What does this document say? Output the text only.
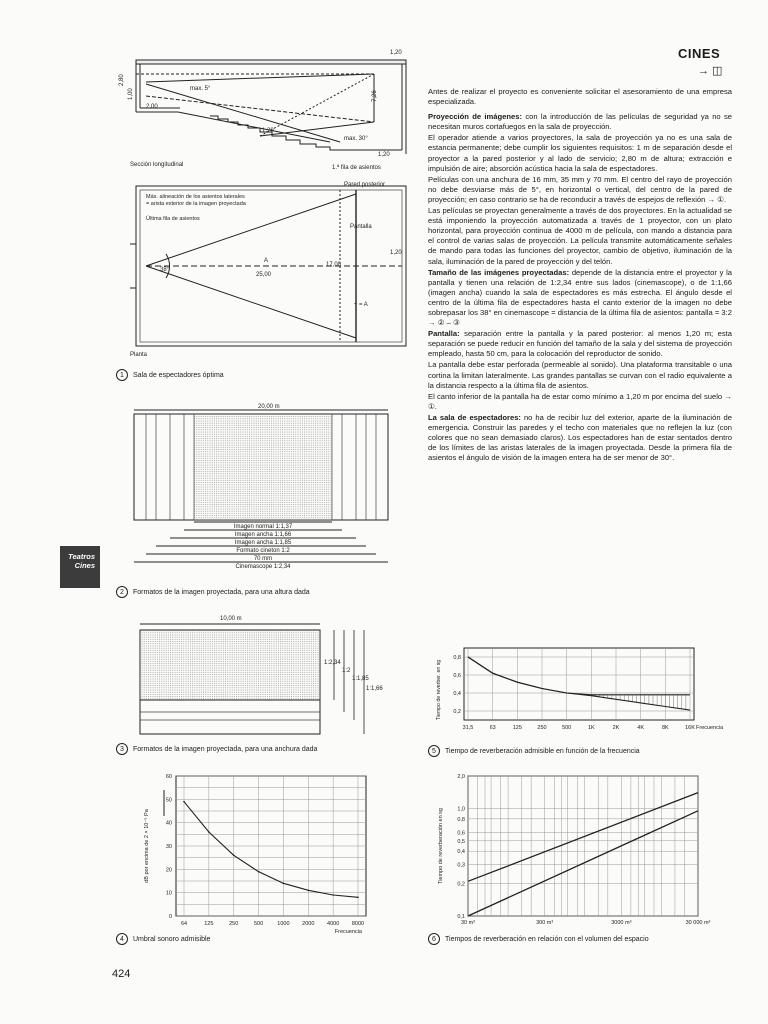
CINES
→ ◫

Antes de realizar el proyecto es conveniente solicitar el asesoramiento de una empresa especializada.

Proyección de imágenes: con la introducción de las películas de seguridad ya no se necesitan muros cortafuegos en la sala de proyección.

El operador atiende a varios proyectores, la sala de proyección ya no es una sala de estancia permanente; debe cumplir los siguientes requisitos: 1 m de separación desde el proyector a la pared posterior y al lado de servicio; 2,80 m de altura; extracción e impulsión de aire; absorción acústica hacia la sala de espectadores.

Películas con una anchura de 16 mm, 35 mm y 70 mm. El centro del rayo de proyección no debe desviarse más de 5°, en horizontal o vertical, del centro de la pared de proyección; en caso contrario se ha de reconducir a través de espejos de reflexión → ①.

Las películas se proyectan generalmente a través de dos proyectores. En la actualidad se está imponiendo la proyección automatizada a través de 1 proyector, con un plato horizontal, para proyección continua de 4000 m de película, con mando a distancia para el control de varias salas de proyección. La película transmite automáticamente señales de mando para todas las funciones del proyector, cambio de objetivo, iluminación de la sala, iluminación de la pared de proyección y del telón.

Tamaño de las imágenes proyectadas: depende de la distancia entre el proyector y la pantalla y tienen una relación de 1:2,34 entre sus lados (cinemascope), o de 1:1,66 (imagen ancha) cuando la sala de espectadores es más estrecha. El ángulo desde el centro de la última fila de espectadores hasta el canto exterior de la imagen no debe sobrepasar los 38° en cinemascope = distancia de la última fila de asientos: pantalla = 3:2 → ② – ③

Pantalla: separación entre la pantalla y la pared posterior: al menos 1,20 m; esta separación se puede reducir en función del tamaño de la sala y del sistema de proyección empleado, hasta 50 cm, para la colocación del reproductor de sonido.

La pantalla debe estar perforada (permeable al sonido). Una plataforma transitable o una cortina la limitan lateralmente. Las grandes pantallas se curvan con el radio equivalente a la distancia respecto a la última fila de asientos.

El canto inferior de la pantalla ha de estar como mínimo a 1,20 m por encima del suelo → ①.

La sala de espectadores: no ha de recibir luz del exterior, aparte de la iluminación de emergencia. Construir las paredes y el techo con materiales que no reflejen la luz (con colores que no sean demasiado claros). Los espectadores han de estar sentados dentro de los límites de las aristas laterales de la imagen proyectada. Desde la primera fila de asientos el ángulo de visión de la imagen entera ha de ser menor de 30°.

Teatros
Cines
2,80
1,00
1,20
2,00
7,26
max. 5°
max. 30°
1,20
1,20
1.ª fila de asientos
Sección longitudinal
Máx. alineación de los asientos laterales
= arista exterior de la imagen proyectada
Última fila de asientos
Pared posterior
Pantalla
1,20
38°
A
25,00
17,00
÷ = A
Planta
1	Sala de espectadores óptima
20,00 m
Imagen normal 1:1,37
Imagen ancha 1:1,66
Imagen ancha 1:1,85
Formato cineton 1:2
70 mm
Cinemascope 1:2,34
2	Formatos de la imagen proyectada, para una altura dada
10,00 m
1:2,34
1:2
1:1,85
1:1,66
3	Formatos de la imagen proyectada, para una anchura dada
64	125	250	500	1000 2000 4000 8000
0
10
20
30
40
50
60
Frecuencia
dB por encima de 2 × 10⁻⁵ Pa
4	Umbral sonoro admisible
31,5	63	125	250	500	1K	2K	4K	8K	16K
0,2
0,4
0,6
0,8
Frecuencia
Tiempo de reverber. en sg
5	Tiempo de reverberación admisible en función de la frecuencia
0,1
0,2
0,3
0,4
0,5
0,6
0,8
1,0
2,0
30 m³	300 m³	3000 m³	30 000 m³
Tiempo de reverberación en sg
6	Tiempos de reverberación en relación con el volumen del espacio
424
